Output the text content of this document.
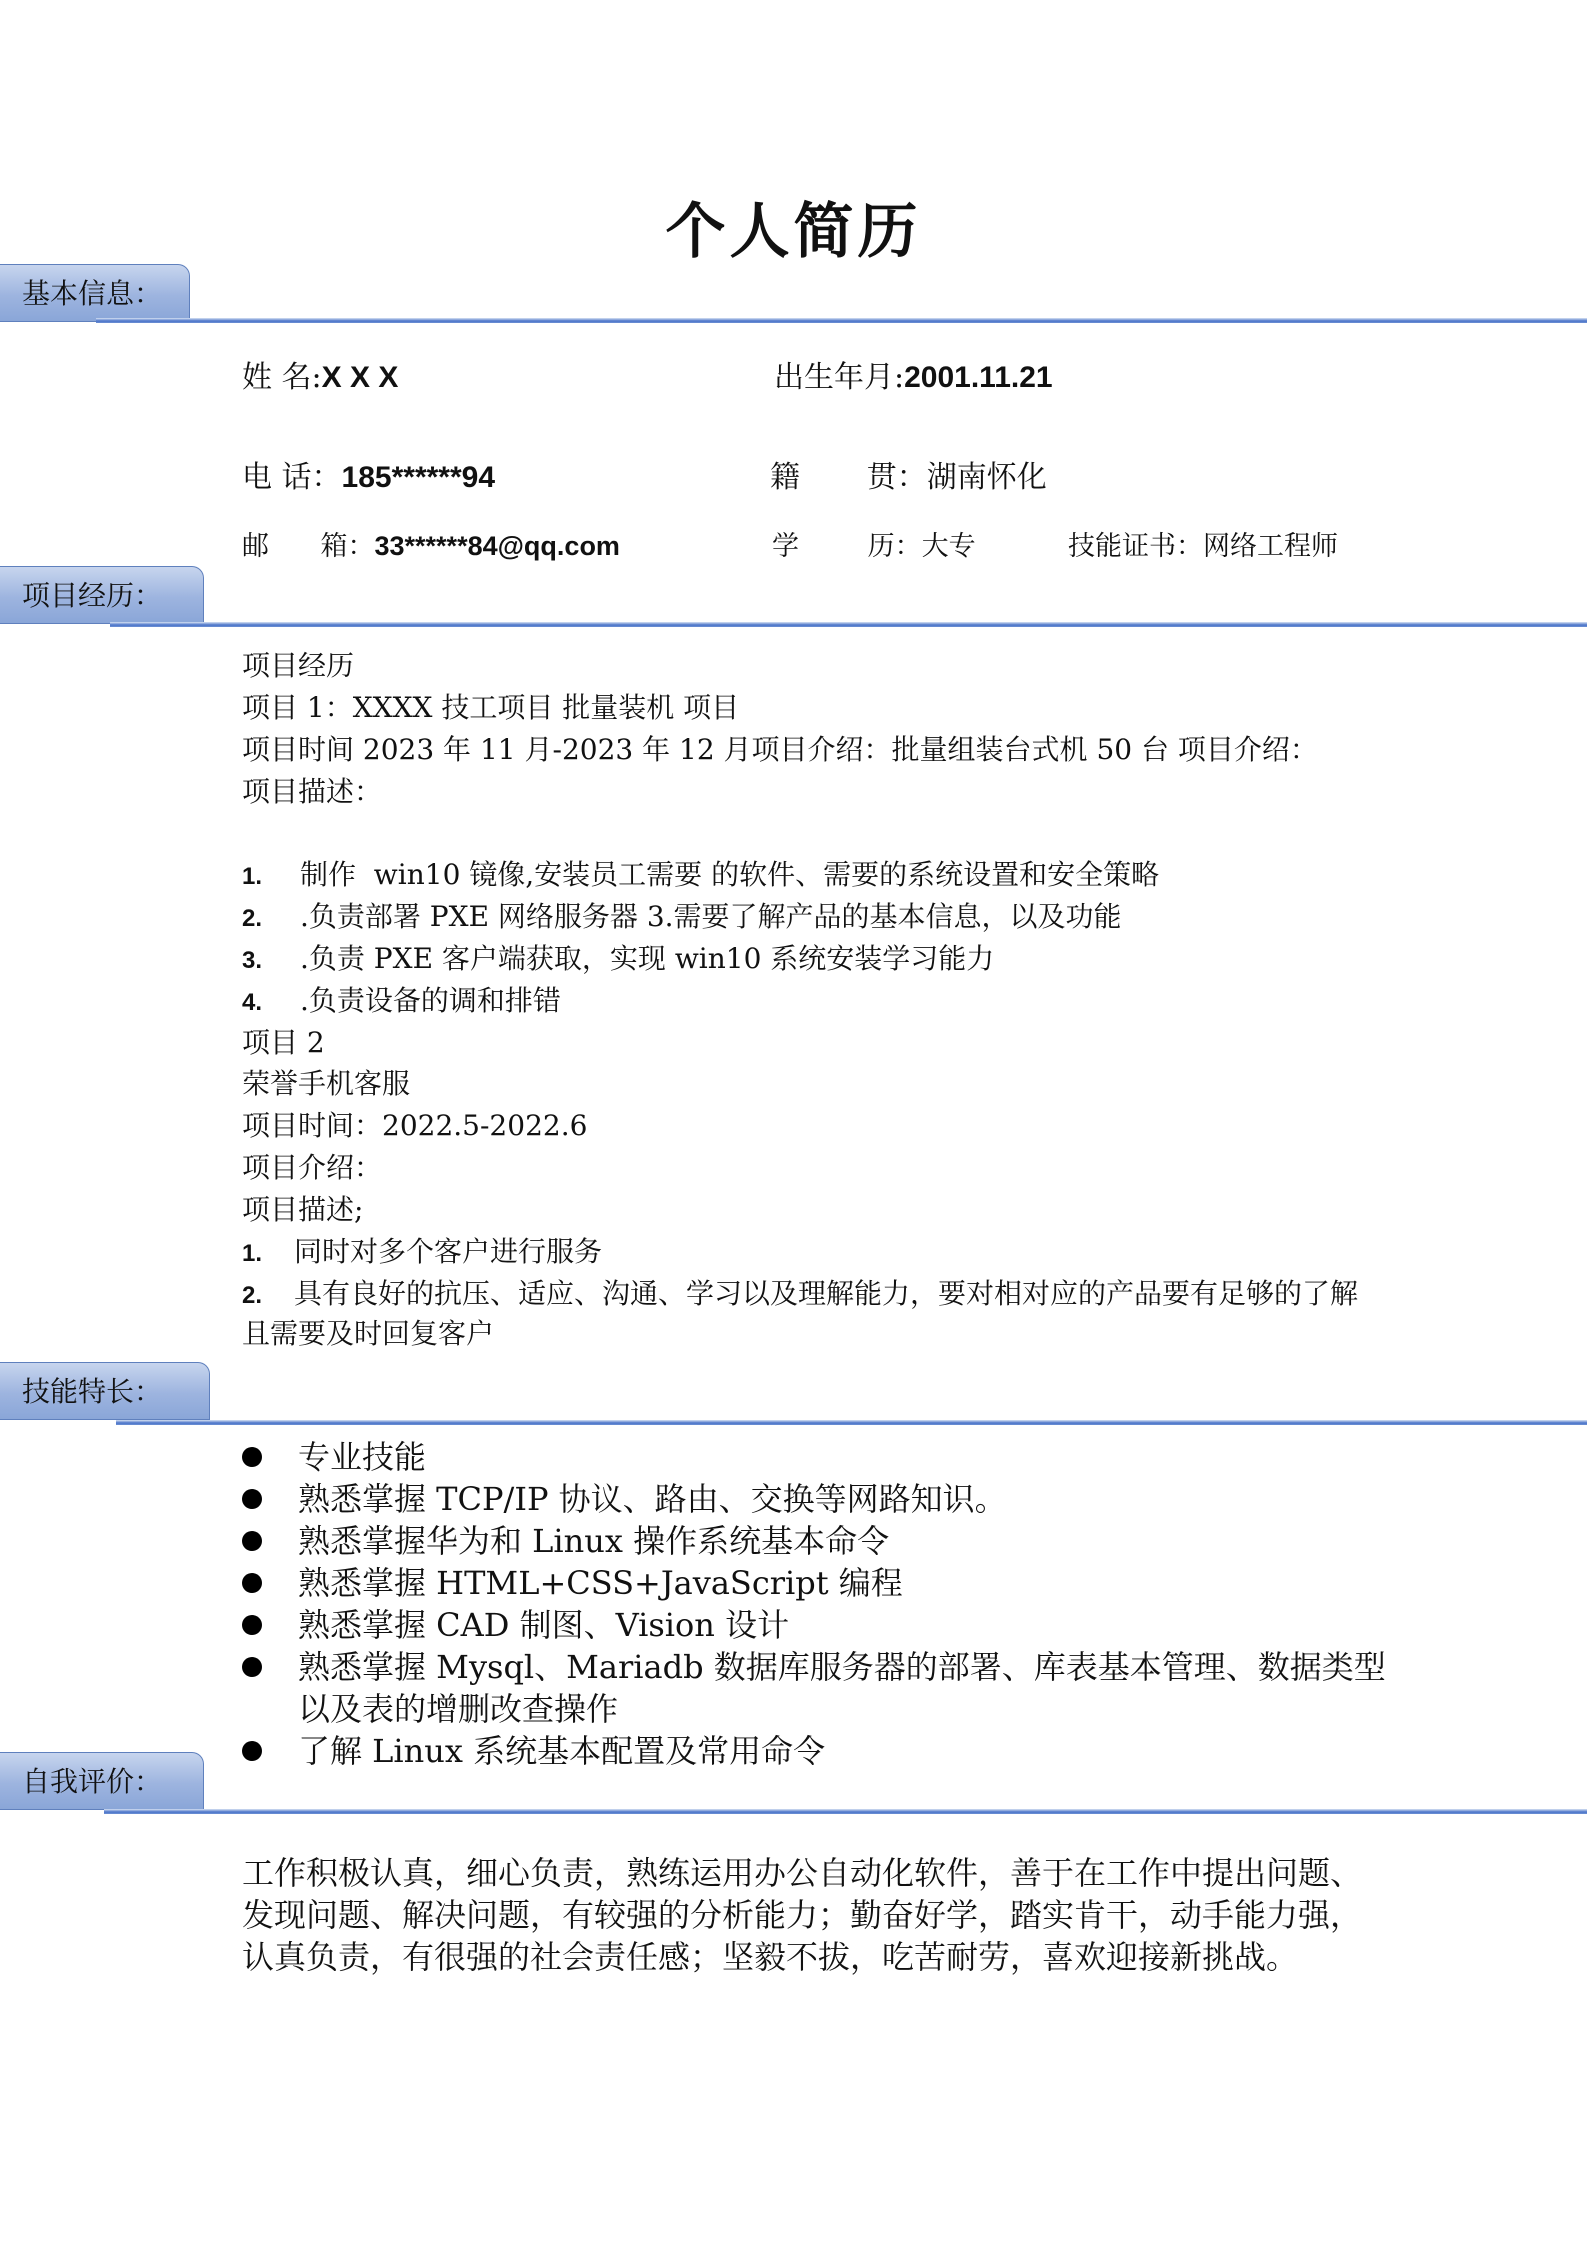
个人简历
基本信息：
姓 名:X X X	出生年月:2001.11.21
电 话：185******94	籍       贯：湖南怀化
邮      箱：33******84@qq.com	学        历：大专	技能证书：网络工程师
项目经历：
项目经历
项目 1：XXXX 技工项目 批量装机 项目
项目时间 2023 年 11 月-2023 年 12 月项目介绍：批量组装台式机 50 台 项目介绍：
项目描述：
1. 制作  win10 镜像,安装员工需要 的软件、需要的系统设置和安全策略
2. .负责部署 PXE 网络服务器 3.需要了解产品的基本信息，以及功能
3. .负责 PXE 客户端获取，实现 win10 系统安装学习能力
4. .负责设备的调和排错
项目 2
荣誉手机客服
项目时间：2022.5-2022.6
项目介绍：
项目描述;
1. 同时对多个客户进行服务
2. 具有良好的抗压、适应、沟通、学习以及理解能力，要对相对应的产品要有足够的了解
且需要及时回复客户
技能特长：
专业技能
熟悉掌握 TCP/IP 协议、路由、交换等网路知识。
熟悉掌握华为和 Linux 操作系统基本命令
熟悉掌握 HTML+CSS+JavaScript 编程
熟悉掌握 CAD 制图、Vision 设计
熟悉掌握 Mysql、Mariadb 数据库服务器的部署、库表基本管理、数据类型
以及表的增删改查操作
了解 Linux 系统基本配置及常用命令
自我评价：
工作积极认真，细心负责，熟练运用办公自动化软件，善于在工作中提出问题、
发现问题、解决问题，有较强的分析能力；勤奋好学，踏实肯干，动手能力强，
认真负责，有很强的社会责任感；坚毅不拔，吃苦耐劳，喜欢迎接新挑战。
